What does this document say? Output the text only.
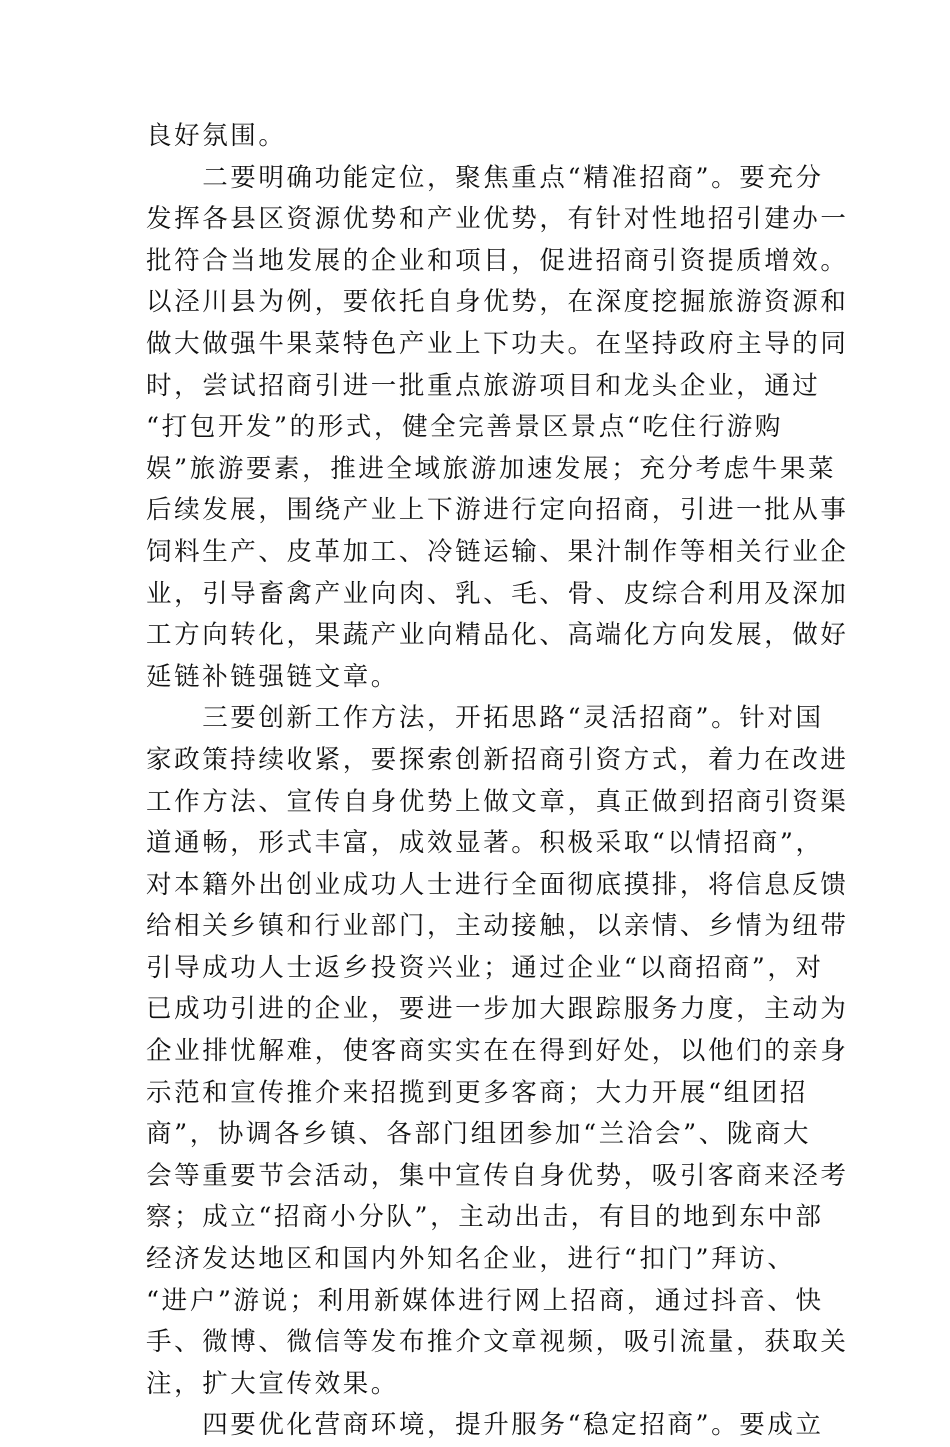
良好氛围。
　　二要明确功能定位，聚焦重点“精准招商”。要充分
发挥各县区资源优势和产业优势，有针对性地招引建办一
批符合当地发展的企业和项目，促进招商引资提质增效。
以泾川县为例，要依托自身优势，在深度挖掘旅游资源和
做大做强牛果菜特色产业上下功夫。在坚持政府主导的同
时，尝试招商引进一批重点旅游项目和龙头企业，通过
“打包开发”的形式，健全完善景区景点“吃住行游购
娱”旅游要素，推进全域旅游加速发展；充分考虑牛果菜
后续发展，围绕产业上下游进行定向招商，引进一批从事
饲料生产、皮革加工、冷链运输、果汁制作等相关行业企
业，引导畜禽产业向肉、乳、毛、骨、皮综合利用及深加
工方向转化，果蔬产业向精品化、高端化方向发展，做好
延链补链强链文章。
　　三要创新工作方法，开拓思路“灵活招商”。针对国
家政策持续收紧，要探索创新招商引资方式，着力在改进
工作方法、宣传自身优势上做文章，真正做到招商引资渠
道通畅，形式丰富，成效显著。积极采取“以情招商”，
对本籍外出创业成功人士进行全面彻底摸排，将信息反馈
给相关乡镇和行业部门，主动接触，以亲情、乡情为纽带
引导成功人士返乡投资兴业；通过企业“以商招商”，对
已成功引进的企业，要进一步加大跟踪服务力度，主动为
企业排忧解难，使客商实实在在得到好处，以他们的亲身
示范和宣传推介来招揽到更多客商；大力开展“组团招
商”，协调各乡镇、各部门组团参加“兰洽会”、陇商大
会等重要节会活动，集中宣传自身优势，吸引客商来泾考
察；成立“招商小分队”，主动出击，有目的地到东中部
经济发达地区和国内外知名企业，进行“扣门”拜访、
“进户”游说；利用新媒体进行网上招商，通过抖音、快
手、微博、微信等发布推介文章视频，吸引流量，获取关
注，扩大宣传效果。
　　四要优化营商环境，提升服务“稳定招商”。要成立
